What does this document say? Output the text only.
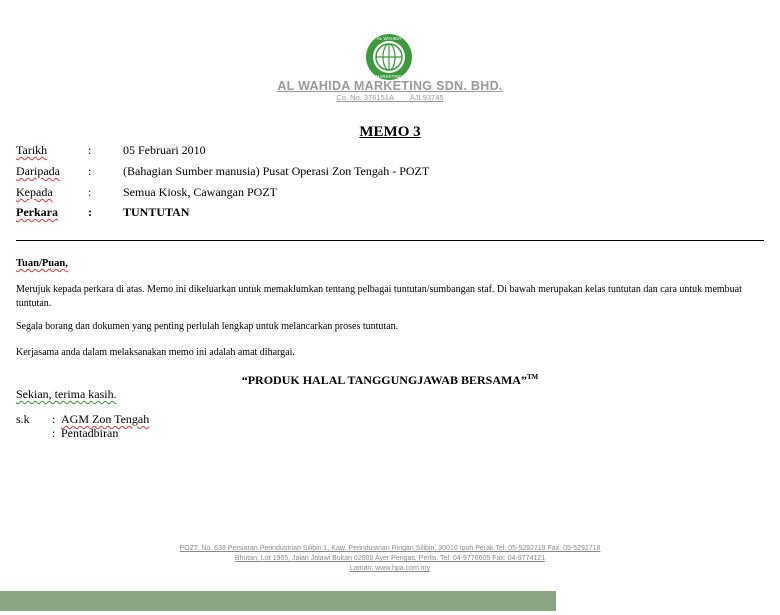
AL WAHIDA
MARKETING
AL WAHIDA MARKETING SDN. BHD.
Co. No. 376151A        AJL93745
MEMO 3
Tarikh	:	05 Februari 2010
Daripada :	(Bahagian Sumber manusia) Pusat Operasi Zon Tengah - POZT
Kepada	:	Semua Kiosk, Cawangan POZT
Perkara	:	TUNTUTAN
Tuan/Puan,
Merujuk kepada perkara di atas. Memo ini dikeluarkan untuk memaklumkan tentang pelbagai tuntutan/sumbangan staf. Di bawah merupakan kelas tuntutan dan cara untuk membuat tuntutan.
Segala borang dan dokumen yang penting perlulah lengkap untuk melancarkan proses tuntutan.
Kerjasama anda dalam melaksanakan memo ini adalah amat dihargai.
“PRODUK HALAL TANGGUNGJAWAB BERSAMA”™
Sekian, terima kasih.
s.k : AGM Zon Tengah
: Pentadbiran
POZT, No. 638 Persiaran Perindustrian Silibin 1, Kaw. Perindustrian Ringan Silibin, 30010 Ipoh Perak Tel: 05-5292719 Fax: 05-5292718
Bhutan, Lot 1965, Jalan Jalawi Bukan 02800 Ayer Pengas, Perlis. Tel: 04-9776605 Fax: 04-9774121
Laman: www.hpa.com.my
